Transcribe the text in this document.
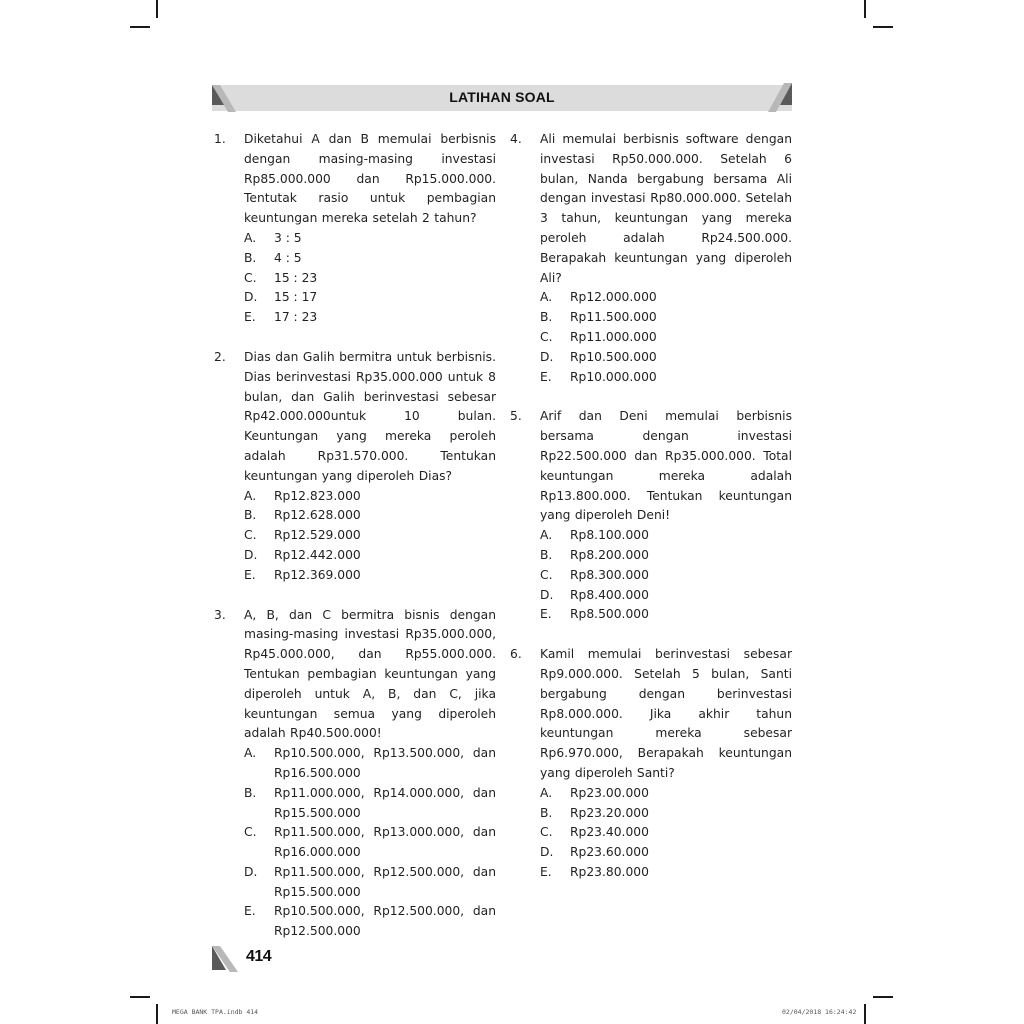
LATIHAN SOAL
1. Diketahui A dan B memulai berbisnis dengan masing-masing investasi Rp85.000.000 dan Rp15.000.000. Tentutak rasio untuk pembagian keuntungan mereka setelah 2 tahun?
A. 3 : 5
B. 4 : 5
C. 15 : 23
D. 15 : 17
E. 17 : 23
2. Dias dan Galih bermitra untuk berbisnis. Dias berinvestasi Rp35.000.000 untuk 8 bulan, dan Galih berinvestasi sebesar Rp42.000.000untuk 10 bulan. Keuntungan yang mereka peroleh adalah Rp31.570.000. Tentukan keuntungan yang diperoleh Dias?
A. Rp12.823.000
B. Rp12.628.000
C. Rp12.529.000
D. Rp12.442.000
E. Rp12.369.000
3. A, B, dan C bermitra bisnis dengan masing-masing investasi Rp35.000.000, Rp45.000.000, dan Rp55.000.000. Tentukan pembagian keuntungan yang diperoleh untuk A, B, dan C, jika keuntungan semua yang diperoleh adalah Rp40.500.000!
A. Rp10.500.000, Rp13.500.000, dan Rp16.500.000
B. Rp11.000.000, Rp14.000.000, dan Rp15.500.000
C. Rp11.500.000, Rp13.000.000, dan Rp16.000.000
D. Rp11.500.000, Rp12.500.000, dan Rp15.500.000
E. Rp10.500.000, Rp12.500.000, dan Rp12.500.000
4. Ali memulai berbisnis software dengan investasi Rp50.000.000. Setelah 6 bulan, Nanda bergabung bersama Ali dengan investasi Rp80.000.000. Setelah 3 tahun, keuntungan yang mereka peroleh adalah Rp24.500.000. Berapakah keuntungan yang diperoleh Ali?
A. Rp12.000.000
B. Rp11.500.000
C. Rp11.000.000
D. Rp10.500.000
E. Rp10.000.000
5. Arif dan Deni memulai berbisnis bersama dengan investasi Rp22.500.000 dan Rp35.000.000. Total keuntungan mereka adalah Rp13.800.000. Tentukan keuntungan yang diperoleh Deni!
A. Rp8.100.000
B. Rp8.200.000
C. Rp8.300.000
D. Rp8.400.000
E. Rp8.500.000
6. Kamil memulai berinvestasi sebesar Rp9.000.000. Setelah 5 bulan, Santi bergabung dengan berinvestasi Rp8.000.000. Jika akhir tahun keuntungan mereka sebesar Rp6.970.000, Berapakah keuntungan yang diperoleh Santi?
A. Rp23.00.000
B. Rp23.20.000
C. Rp23.40.000
D. Rp23.60.000
E. Rp23.80.000
414
MEGA BANK TPA.indb 414	02/04/2018 16:24:42
